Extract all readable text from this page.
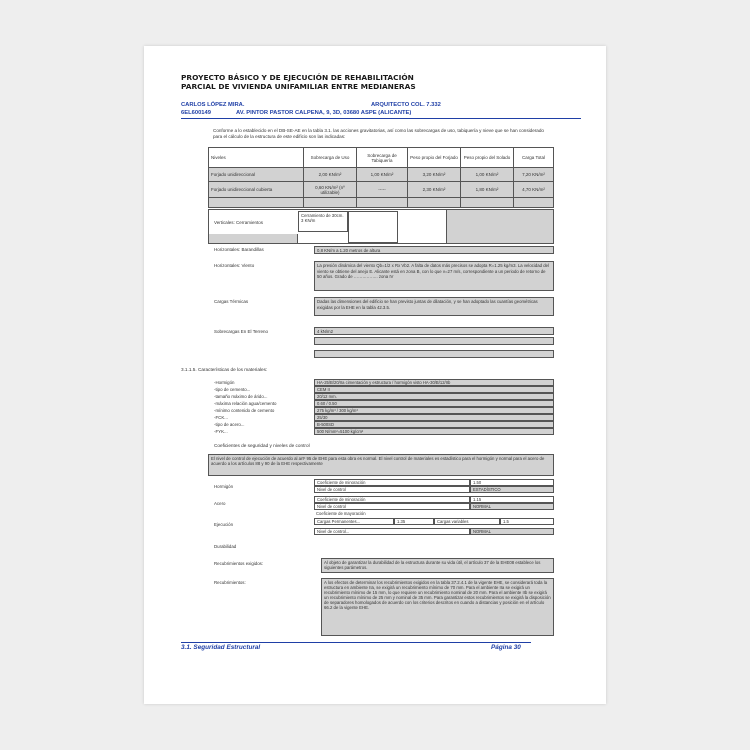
PROYECTO BÁSICO Y DE EJECUCIÓN DE REHABILITACIÓN
PARCIAL DE VIVIENDA UNIFAMILIAR ENTRE MEDIANERAS
CARLOS LÓPEZ MIRA.	ARQUITECTO COL. 7.332
6EL600149	AV. PINTOR PASTOR CALPENA, 9, 3D, 03680 ASPE (ALICANTE)
Conforme a lo establecido en el DB-SE-AE en la tabla 3.1. las acciones gravitatorias, así como las sobrecargas de uso, tabiquería y nieve que se han considerado para el cálculo de la estructura de este edificio son las indicadas:
Niveles	Sobrecarga de Uso	Sobrecarga de Tabiquería	Peso propio del Forjado	Peso propio del Solado	Carga Total
Forjado unidireccional	2,00 KN/m²	1,00 KN/m²	3,20 KN/m²	1,00 KN/m²	7,20 KN/m²
Forjado unidireccional cubierta	0,60 KN/m² (nº utilizable)	-----	2,30 KN/m²	1,80 KN/m²	4,70 KN/m²

Verticales: Cerramientos
Cerramiento de 30cm. 3 KN/m
Horizontales: Barandillas	0,8 KN/m a 1.20 metros de altura
Horizontales: Viento	La presión dinámica del viento Qb=1/2 x Rx Vb2. A falta de datos más precisos se adopta R=1.25 kg/m3. La velocidad del viento se obtiene del anejo E. Alicante está en zona B, con lo que v=27 m/s, correspondiente a un periodo de retorno de 50 años. Grado de …………….. zona IV
Cargas Térmicas	Dadas las dimensiones del edificio se han previsto juntas de dilatación, y se han adoptado las cuantías geométricas exigidas por la EHE en la tabla 42.3.5.
Sobrecargas En El Terreno	4 kN/m2
3.1.1.5. Características de los materiales:
-Hormigón	HA-25/B/20/IIa cimentación y estructura / hormigón visto HA-30/B/12/IIb
-tipo de cemento...	CEM II
-tamaño máximo de árido...	20/12 mm.
-máxima relación agua/cemento	0.60 / 0.50
-mínimo contenido de cemento	275 kg/m³ / 300 kg/m³
-FCK...	25/30
-tipo de acero...	B-500SD
-FYK...	500 N/mm²=5100 kg/cm²
Coeficientes de seguridad y niveles de control
El nivel de control de ejecución de acuerdo al artº 95 de EHE para esta obra es normal. El nivel control de materiales es estadístico para el hormigón y normal para el acero de acuerdo a los artículos 88 y 90 de la EHE respectivamente
Hormigón
Coeficiente de minoración	1.50
Nivel de control	ESTADÍSTICO
Acero
Coeficiente de minoración	1.15
Nivel de control	NORMAL
Ejecución
Coeficiente de mayoración
Cargas Permanentes...	1.35	Cargas variables	1.5
Nivel de control...	NORMAL
Durabilidad
Recubrimientos exigidos:	Al objeto de garantizar la durabilidad de la estructura durante su vida útil, el artículo 37 de la EHE08 establece los siguientes parámetros.
Recubrimientos:	A los efectos de determinar los recubrimientos exigidos en la tabla 37.2.4.1 de la vigente EHE, se considerará toda la estructura en ambiente IIa, se exigirá un recubrimiento mínimo de 70 mm. Para el ambiente IIa se exigirá un recubrimiento mínimo de 15 mm, lo que requiere un recubrimiento nominal de 20 mm. Para el ambiente IIb se exigirá un recubrimiento mínimo de 25 mm y nominal de 35 mm. Para garantizar estos recubrimientos se exigirá la disposición de separadores homologados de acuerdo con los criterios descritos en cuando a distancias y posición en el artículo 66.2 de la vigente EHE.
3.1. Seguridad Estructural	Página 30
